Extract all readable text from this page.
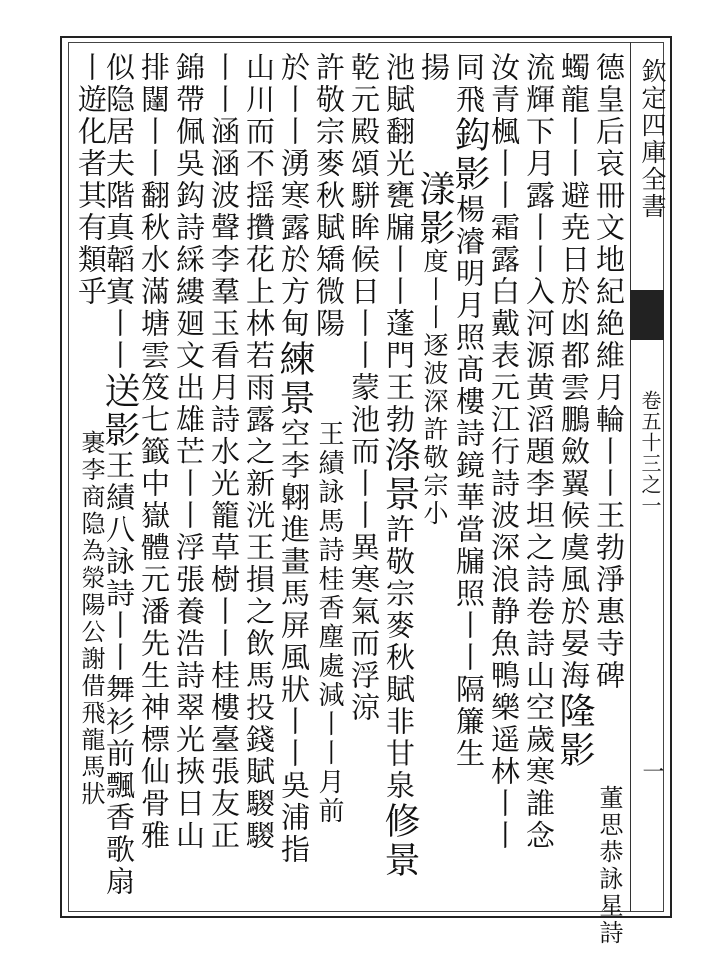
欽定四庫全書
卷五十三之一
一
德皇后哀冊文地紀絶維月輪丨丨王勃淨惠寺碑
蠋龍丨丨避尭日於凼都雲鵬斂翼候虞風於晏海隆影
董思恭詠星詩
流輝下月露丨丨入河源黄滔題李坦之詩卷詩山空歲寒誰念
汝青楓丨丨霜露白戴表元江行詩波深浪静魚鴨樂遥林丨丨
同飛鈎影楊濬明月照髙樓詩鏡華當牖照丨丨隔簾生
揚
漾影度丨丨逐波深許敬宗小
池賦翻光甕牖丨丨蓬門王勃涤景許敬宗麥秋賦非甘泉修景
乾元殿頌駢眸候日丨丨蒙池而丨丨異寒氣而浮涼
許敬宗麥秋賦矯微陽
於丨丨湧寒露於方甸練景空李翺進畫馬屏風狀丨丨吳浦指 王績詠馬詩桂香塵處減丨丨月前
山川而不揺攢花上林若雨露之新洸王損之飲馬投錢賦騣騣
丨丨涵涵波聲李羣玉看月詩水光籠草樹丨丨桂樓臺張友正
錦帶佩吳鈎詩綵縷廻文出雄芒丨丨浮張養浩詩翠光挾日山
排闥丨丨翻秋水滿塘雲笈七籤中嶽體元潘先生神標仙骨雅
似隐居夫階真韜寘丨丨送影王績八詠詩丨丨舞衫前飄香歌扇
裹李商隐為滎陽公謝借飛龍馬狀
丨遊化者其有類乎
